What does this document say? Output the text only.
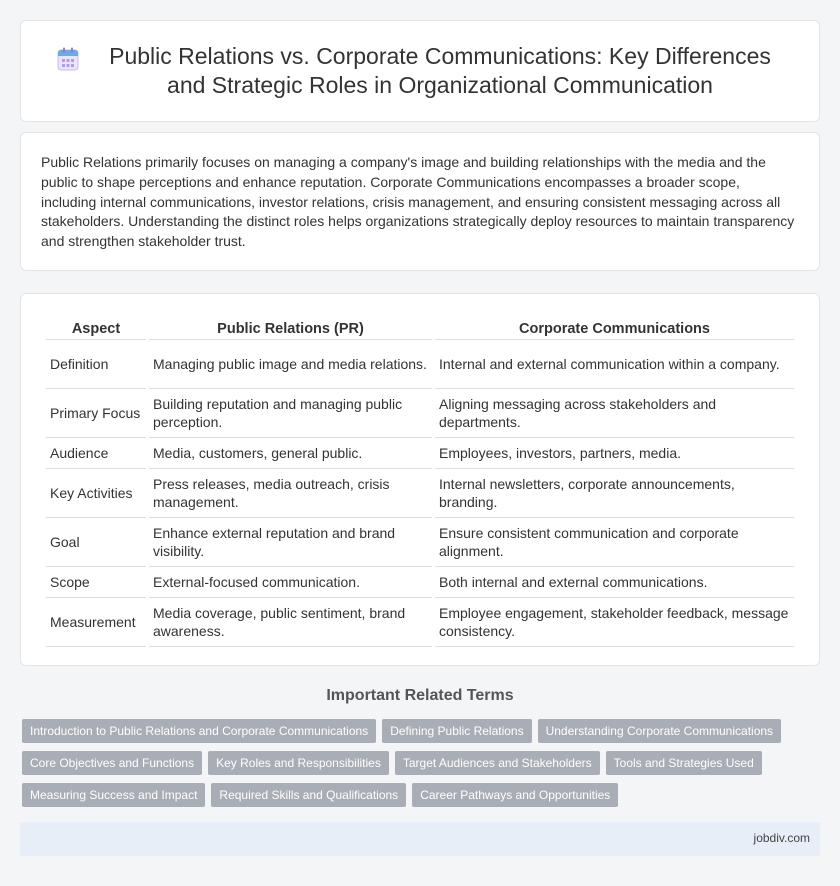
Public Relations vs. Corporate Communications: Key Differences and Strategic Roles in Organizational Communication

Public Relations primarily focuses on managing a company's image and building relationships with the media and the public to shape perceptions and enhance reputation. Corporate Communications encompasses a broader scope, including internal communications, investor relations, crisis management, and ensuring consistent messaging across all stakeholders. Understanding the distinct roles helps organizations strategically deploy resources to maintain transparency and strengthen stakeholder trust.

Aspect	Public Relations (PR)	Corporate Communications
Definition	Managing public image and media relations.	Internal and external communication within a company.
Primary Focus	Building reputation and managing public perception.	Aligning messaging across stakeholders and departments.
Audience	Media, customers, general public.	Employees, investors, partners, media.
Key Activities	Press releases, media outreach, crisis management.	Internal newsletters, corporate announcements, branding.
Goal	Enhance external reputation and brand visibility.	Ensure consistent communication and corporate alignment.
Scope	External-focused communication.	Both internal and external communications.
Measurement	Media coverage, public sentiment, brand awareness.	Employee engagement, stakeholder feedback, message consistency.
Important Related Terms
Introduction to Public Relations and Corporate Communications	Defining Public Relations	Understanding Corporate Communications
Core Objectives and Functions	Key Roles and Responsibilities	Target Audiences and Stakeholders	Tools and Strategies Used
Measuring Success and Impact	Required Skills and Qualifications	Career Pathways and Opportunities
jobdiv.com
